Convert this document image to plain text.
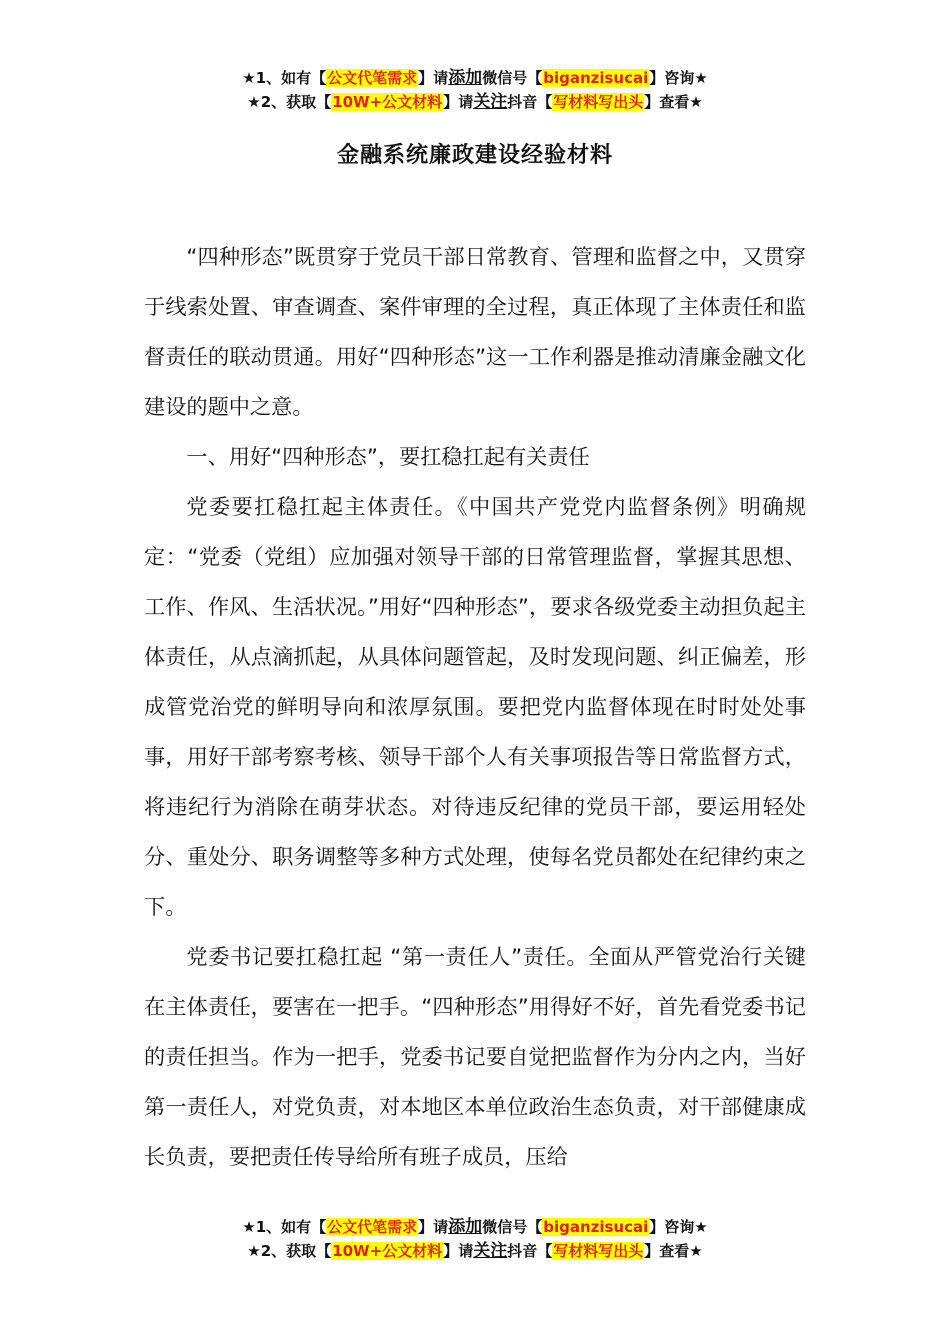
★1、如有【公文代笔需求】请添加微信号【biganzisucai】咨询★
★2、获取【10W+公文材料】请关注抖音【写材料写出头】查看★
金融系统廉政建设经验材料

“四种形态”既贯穿于党员干部日常教育、管理和监督之中，又贯穿于线索处置、审查调查、案件审理的全过程，真正体现了主体责任和监督责任的联动贯通。用好“四种形态”这一工作利器是推动清廉金融文化建设的题中之意。

一、用好“四种形态”，要扛稳扛起有关责任

党委要扛稳扛起主体责任。《中国共产党党内监督条例》明确规定：“党委（党组）应加强对领导干部的日常管理监督，掌握其思想、工作、作风、生活状况。”用好“四种形态”，要求各级党委主动担负起主体责任，从点滴抓起，从具体问题管起，及时发现问题、纠正偏差，形成管党治党的鲜明导向和浓厚氛围。要把党内监督体现在时时处处事事，用好干部考察考核、领导干部个人有关事项报告等日常监督方式，将违纪行为消除在萌芽状态。对待违反纪律的党员干部，要运用轻处分、重处分、职务调整等多种方式处理，使每名党员都处在纪律约束之下。

党委书记要扛稳扛起 “第一责任人”责任。全面从严管党治行关键在主体责任，要害在一把手。“四种形态”用得好不好，首先看党委书记的责任担当。作为一把手，党委书记要自觉把监督作为分内之内，当好第一责任人，对党负责，对本地区本单位政治生态负责，对干部健康成长负责，要把责任传导给所有班子成员，压给

★1、如有【公文代笔需求】请添加微信号【biganzisucai】咨询★
★2、获取【10W+公文材料】请关注抖音【写材料写出头】查看★
